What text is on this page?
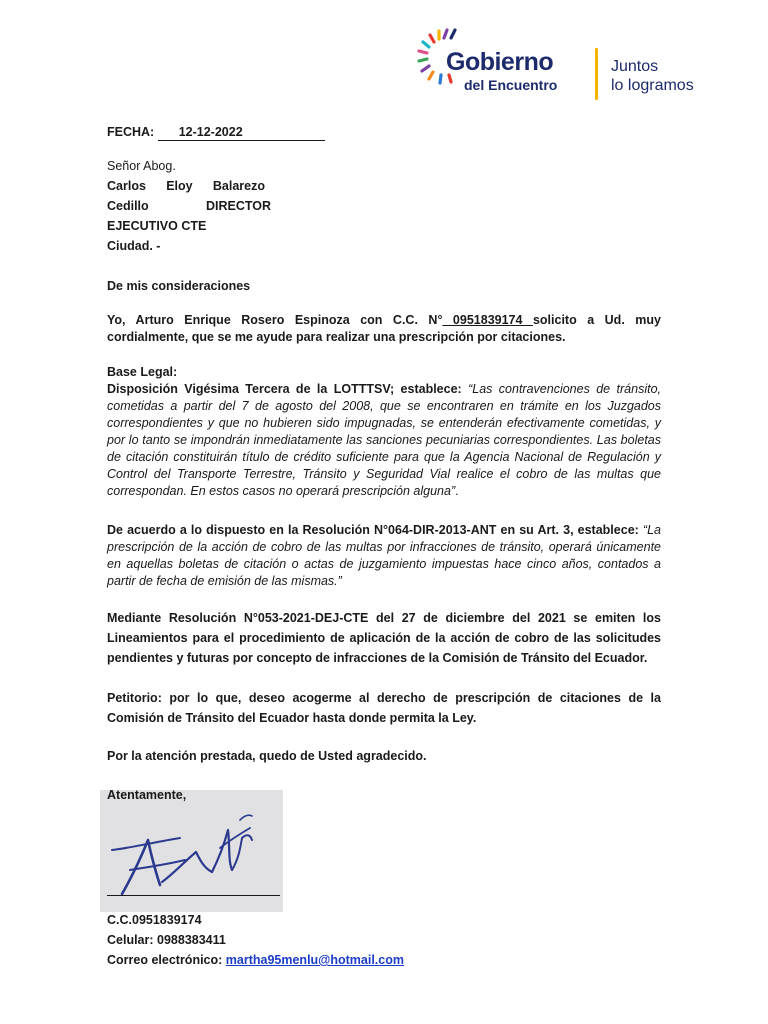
Gobierno
del Encuentro
Juntos
lo logramos
FECHA: 12-12-2022
Señor Abog.
Carlos Eloy Balarezo
Cedillo	DIRECTOR
EJECUTIVO CTE
Ciudad. -
De mis consideraciones
Yo, Arturo Enrique Rosero Espinoza con C.C. N° 0951839174 solicito a Ud. muy cordialmente, que se me ayude para realizar una prescripción por citaciones.
Base Legal:
Disposición Vigésima Tercera de la LOTTTSV; establece: “Las contravenciones de tránsito, cometidas a partir del 7 de agosto del 2008, que se encontraren en trámite en los Juzgados correspondientes y que no hubieren sido impugnadas, se entenderán efectivamente cometidas, y por lo tanto se impondrán inmediatamente las sanciones pecuniarias correspondientes. Las boletas de citación constituirán título de crédito suficiente para que la Agencia Nacional de Regulación y Control del Transporte Terrestre, Tránsito y Seguridad Vial realice el cobro de las multas que correspondan. En estos casos no operará prescripción alguna”.
De acuerdo a lo dispuesto en la Resolución N°064-DIR-2013-ANT en su Art. 3, establece: “La prescripción de la acción de cobro de las multas por infracciones de tránsito, operará únicamente en aquellas boletas de citación o actas de juzgamiento impuestas hace cinco años, contados a partir de fecha de emisión de las mismas.”
Mediante Resolución N°053-2021-DEJ-CTE del 27 de diciembre del 2021 se emiten los Lineamientos para el procedimiento de aplicación de la acción de cobro de las solicitudes pendientes y futuras por concepto de infracciones de la Comisión de Tránsito del Ecuador.
Petitorio: por lo que, deseo acogerme al derecho de prescripción de citaciones de la Comisión de Tránsito del Ecuador hasta donde permita la Ley.
Por la atención prestada, quedo de Usted agradecido.
Atentamente,
C.C.0951839174
Celular: 0988383411
Correo electrónico: martha95menlu@hotmail.com
